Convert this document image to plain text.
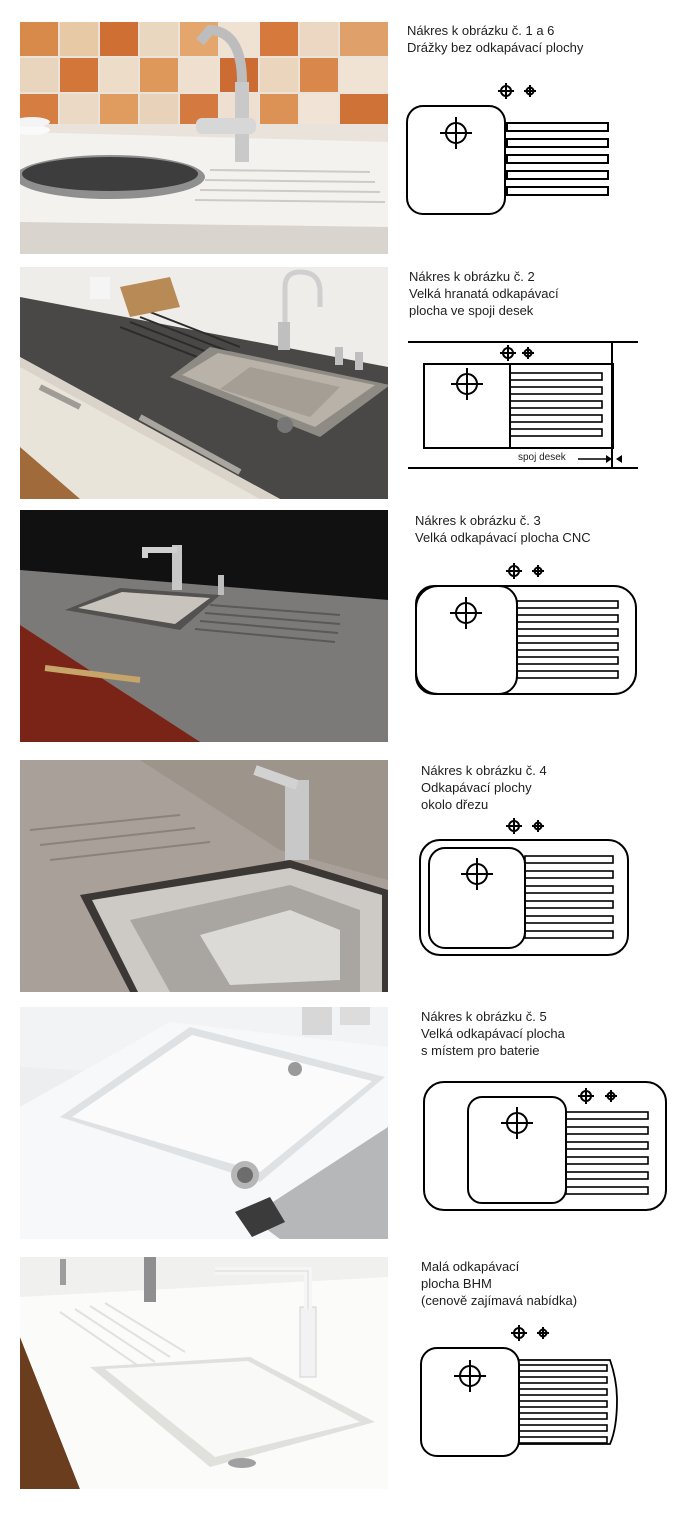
Nákres k obrázku č. 1 a 6
Drážky bez odkapávací plochy
Nákres k obrázku č. 2
Velká hranatá odkapávací
plocha ve spoji desek
spoj desek
Nákres k obrázku č. 3
Velká odkapávací plocha CNC
Nákres k obrázku č. 4
Odkapávací plochy
okolo dřezu
Nákres k obrázku č. 5
Velká odkapávací plocha
s místem pro baterie
Malá odkapávací
plocha BHM
(cenově zajímavá nabídka)
